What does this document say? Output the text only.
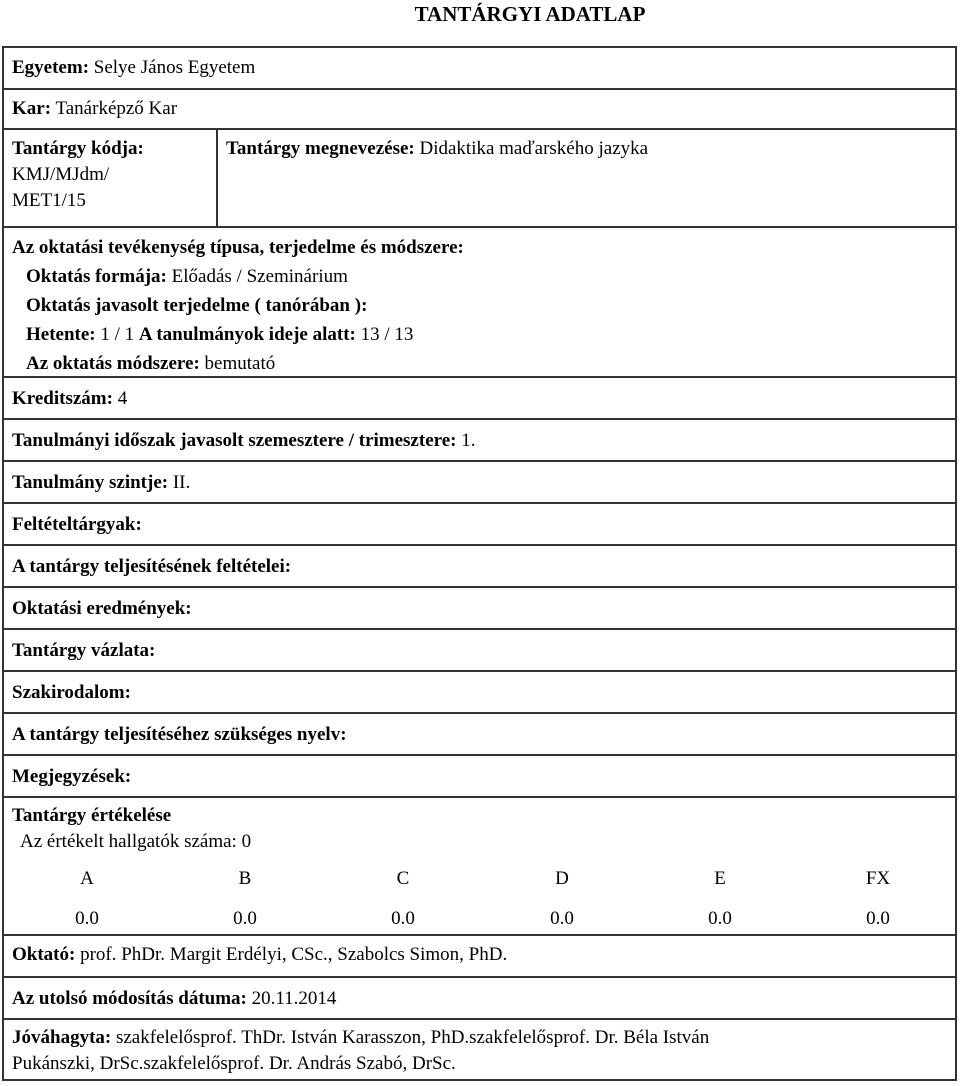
TANTÁRGYI ADATLAP
Egyetem: Selye János Egyetem
Kar: Tanárképző Kar
Tantárgy kódja:
KMJ/MJdm/
MET1/15
Tantárgy megnevezése: Didaktika maďarského jazyka
Az oktatási tevékenység típusa, terjedelme és módszere:
Oktatás formája: Előadás / Szeminárium
Oktatás javasolt terjedelme ( tanórában ):
Hetente: 1 / 1 A tanulmányok ideje alatt: 13 / 13
Az oktatás módszere: bemutató
Kreditszám: 4
Tanulmányi időszak javasolt szemesztere / trimesztere: 1.
Tanulmány szintje: II.
Feltételtárgyak:
A tantárgy teljesítésének feltételei:
Oktatási eredmények:
Tantárgy vázlata:
Szakirodalom:
A tantárgy teljesítéséhez szükséges nyelv:
Megjegyzések:
Tantárgy értékelése
Az értékelt hallgatók száma: 0
A	B	C	D	E	FX
0.0	0.0	0.0	0.0	0.0	0.0
Oktató: prof. PhDr. Margit Erdélyi, CSc., Szabolcs Simon, PhD.
Az utolsó módosítás dátuma: 20.11.2014
Jóváhagyta: szakfelelősprof. ThDr. István Karasszon, PhD.szakfelelősprof. Dr. Béla István
Pukánszki, DrSc.szakfelelősprof. Dr. András Szabó, DrSc.
